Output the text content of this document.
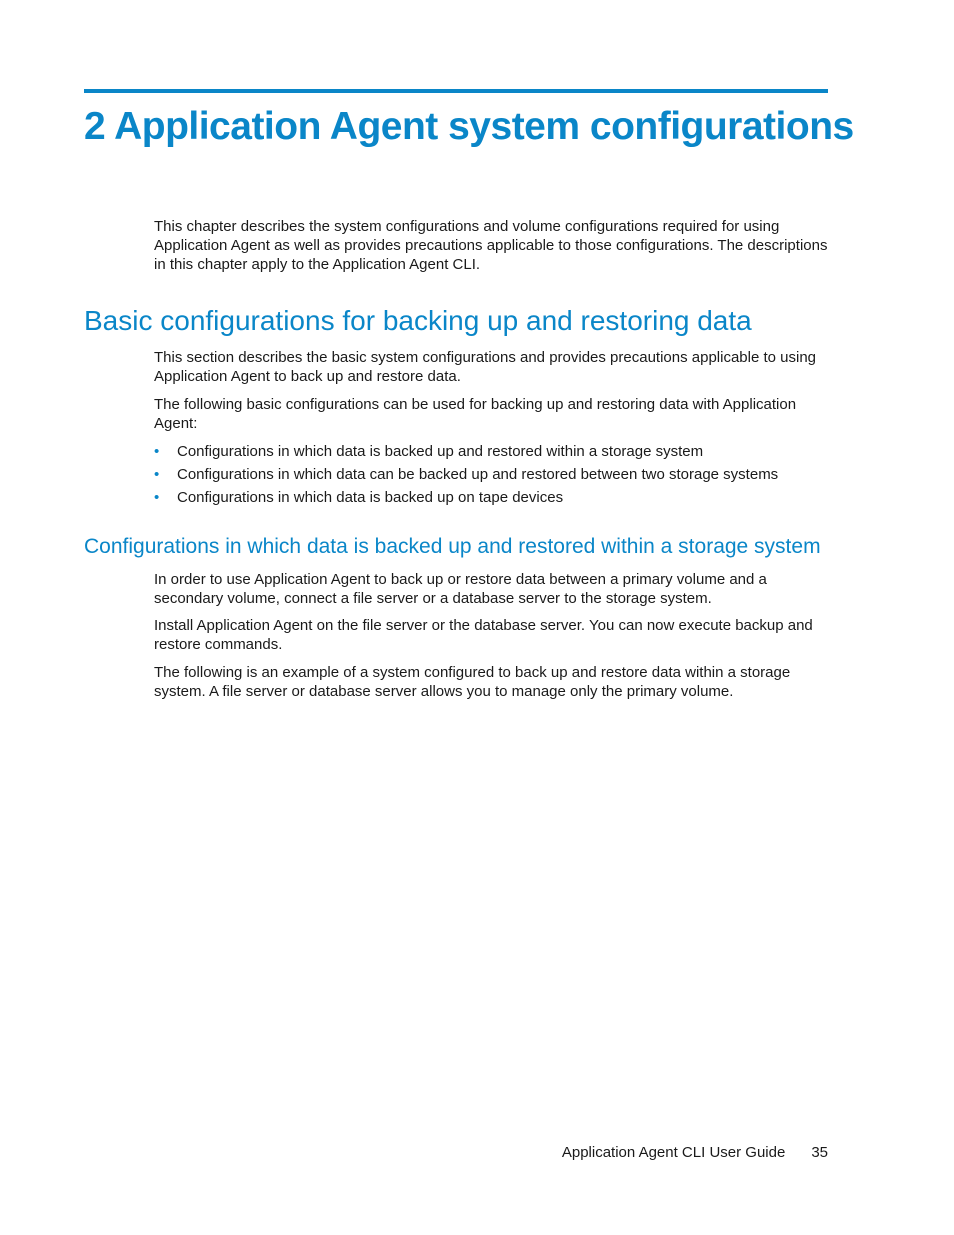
2 Application Agent system configurations

This chapter describes the system configurations and volume configurations required for using Application Agent as well as provides precautions applicable to those configurations. The descriptions in this chapter apply to the Application Agent CLI.

Basic configurations for backing up and restoring data

This section describes the basic system configurations and provides precautions applicable to using Application Agent to back up and restore data.

The following basic configurations can be used for backing up and restoring data with Application Agent:

• Configurations in which data is backed up and restored within a storage system
• Configurations in which data can be backed up and restored between two storage systems
• Configurations in which data is backed up on tape devices
Configurations in which data is backed up and restored within a storage system

In order to use Application Agent to back up or restore data between a primary volume and a secondary volume, connect a file server or a database server to the storage system.

Install Application Agent on the file server or the database server. You can now execute backup and restore commands.

The following is an example of a system configured to back up and restore data within a storage system. A file server or database server allows you to manage only the primary volume.

Application Agent CLI User Guide 35
